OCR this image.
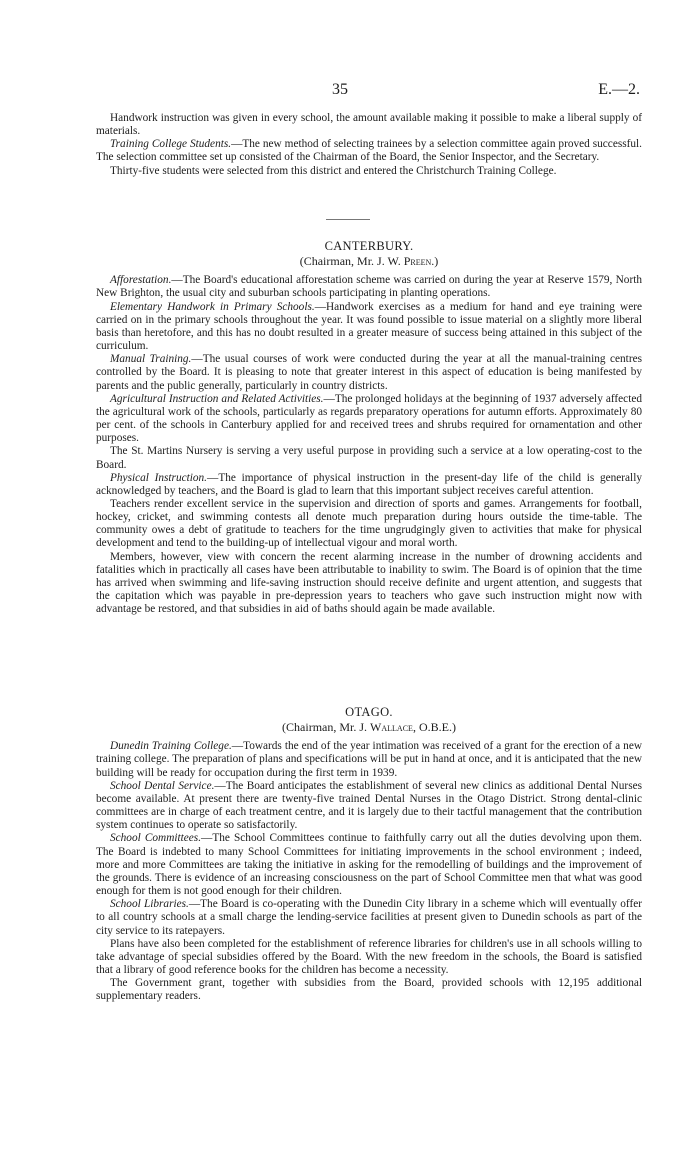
35	E.—2.

Handwork instruction was given in every school, the amount available making it possible to make a liberal supply of materials.

Training College Students.—The new method of selecting trainees by a selection committee again proved successful. The selection committee set up consisted of the Chairman of the Board, the Senior Inspector, and the Secretary.

Thirty-five students were selected from this district and entered the Christchurch Training College.

CANTERBURY.
(Chairman, Mr. J. W. Preen.)

Afforestation.—The Board's educational afforestation scheme was carried on during the year at Reserve 1579, North New Brighton, the usual city and suburban schools participating in planting operations.

Elementary Handwork in Primary Schools.—Handwork exercises as a medium for hand and eye training were carried on in the primary schools throughout the year. It was found possible to issue material on a slightly more liberal basis than heretofore, and this has no doubt resulted in a greater measure of success being attained in this subject of the curriculum.

Manual Training.—The usual courses of work were conducted during the year at all the manual-training centres controlled by the Board. It is pleasing to note that greater interest in this aspect of education is being manifested by parents and the public generally, particularly in country districts.

Agricultural Instruction and Related Activities.—The prolonged holidays at the beginning of 1937 adversely affected the agricultural work of the schools, particularly as regards preparatory operations for autumn efforts. Approximately 80 per cent. of the schools in Canterbury applied for and received trees and shrubs required for ornamentation and other purposes.

The St. Martins Nursery is serving a very useful purpose in providing such a service at a low operating-cost to the Board.

Physical Instruction.—The importance of physical instruction in the present-day life of the child is generally acknowledged by teachers, and the Board is glad to learn that this important subject receives careful attention.

Teachers render excellent service in the supervision and direction of sports and games. Arrangements for football, hockey, cricket, and swimming contests all denote much preparation during hours outside the time-table. The community owes a debt of gratitude to teachers for the time ungrudgingly given to activities that make for physical development and tend to the building-up of intellectual vigour and moral worth.

Members, however, view with concern the recent alarming increase in the number of drowning accidents and fatalities which in practically all cases have been attributable to inability to swim. The Board is of opinion that the time has arrived when swimming and life-saving instruction should receive definite and urgent attention, and suggests that the capitation which was payable in pre-depression years to teachers who gave such instruction might now with advantage be restored, and that subsidies in aid of baths should again be made available.

OTAGO.
(Chairman, Mr. J. Wallace, O.B.E.)

Dunedin Training College.—Towards the end of the year intimation was received of a grant for the erection of a new training college. The preparation of plans and specifications will be put in hand at once, and it is anticipated that the new building will be ready for occupation during the first term in 1939.

School Dental Service.—The Board anticipates the establishment of several new clinics as additional Dental Nurses become available. At present there are twenty-five trained Dental Nurses in the Otago District. Strong dental-clinic committees are in charge of each treatment centre, and it is largely due to their tactful management that the contribution system continues to operate so satisfactorily.

School Committees.—The School Committees continue to faithfully carry out all the duties devolving upon them. The Board is indebted to many School Committees for initiating improvements in the school environment ; indeed, more and more Committees are taking the initiative in asking for the remodelling of buildings and the improvement of the grounds. There is evidence of an increasing consciousness on the part of School Committee men that what was good enough for them is not good enough for their children.

School Libraries.—The Board is co-operating with the Dunedin City library in a scheme which will eventually offer to all country schools at a small charge the lending-service facilities at present given to Dunedin schools as part of the city service to its ratepayers.

Plans have also been completed for the establishment of reference libraries for children's use in all schools willing to take advantage of special subsidies offered by the Board. With the new freedom in the schools, the Board is satisfied that a library of good reference books for the children has become a necessity.

The Government grant, together with subsidies from the Board, provided schools with 12,195 additional supplementary readers.
